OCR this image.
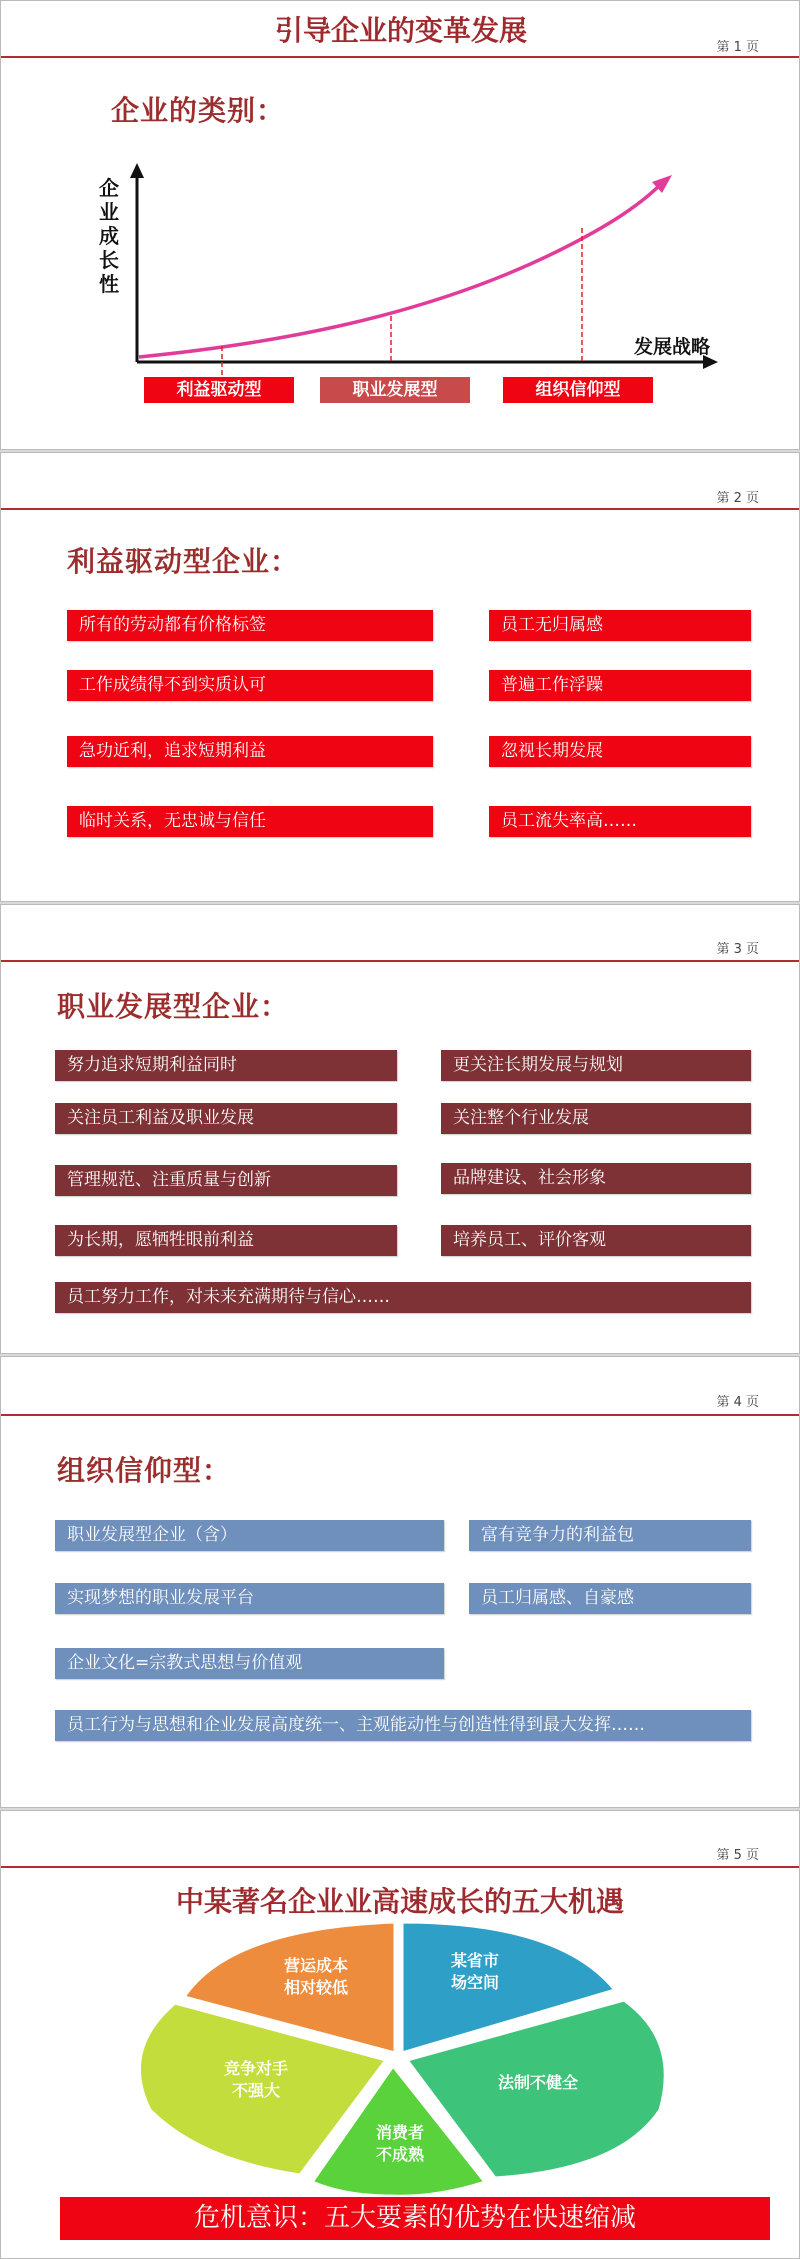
引导企业的变革发展
第 1 页
企业的类别：
企
业
成
长
性
发展战略
利益驱动型	职业发展型	组织信仰型
第 2 页
利益驱动型企业：
所有的劳动都有价格标签
工作成绩得不到实质认可
急功近利，追求短期利益
临时关系，无忠诚与信任
员工无归属感
普遍工作浮躁
忽视长期发展
员工流失率高……
第 3 页
职业发展型企业：
努力追求短期利益同时
关注员工利益及职业发展
管理规范、注重质量与创新
为长期，愿牺牲眼前利益
更关注长期发展与规划
关注整个行业发展
品牌建设、社会形象
培养员工、评价客观
员工努力工作，对未来充满期待与信心……
第 4 页
组织信仰型：
职业发展型企业（含）
实现梦想的职业发展平台
企业文化=宗教式思想与价值观
富有竞争力的利益包
员工归属感、自豪感
员工行为与思想和企业发展高度统一、主观能动性与创造性得到最大发挥……
第 5 页
中某著名企业业高速成长的五大机遇
营运成本
相对较低
某省市
场空间
法制不健全
消费者
不成熟
竞争对手
不强大
危机意识：五大要素的优势在快速缩减
